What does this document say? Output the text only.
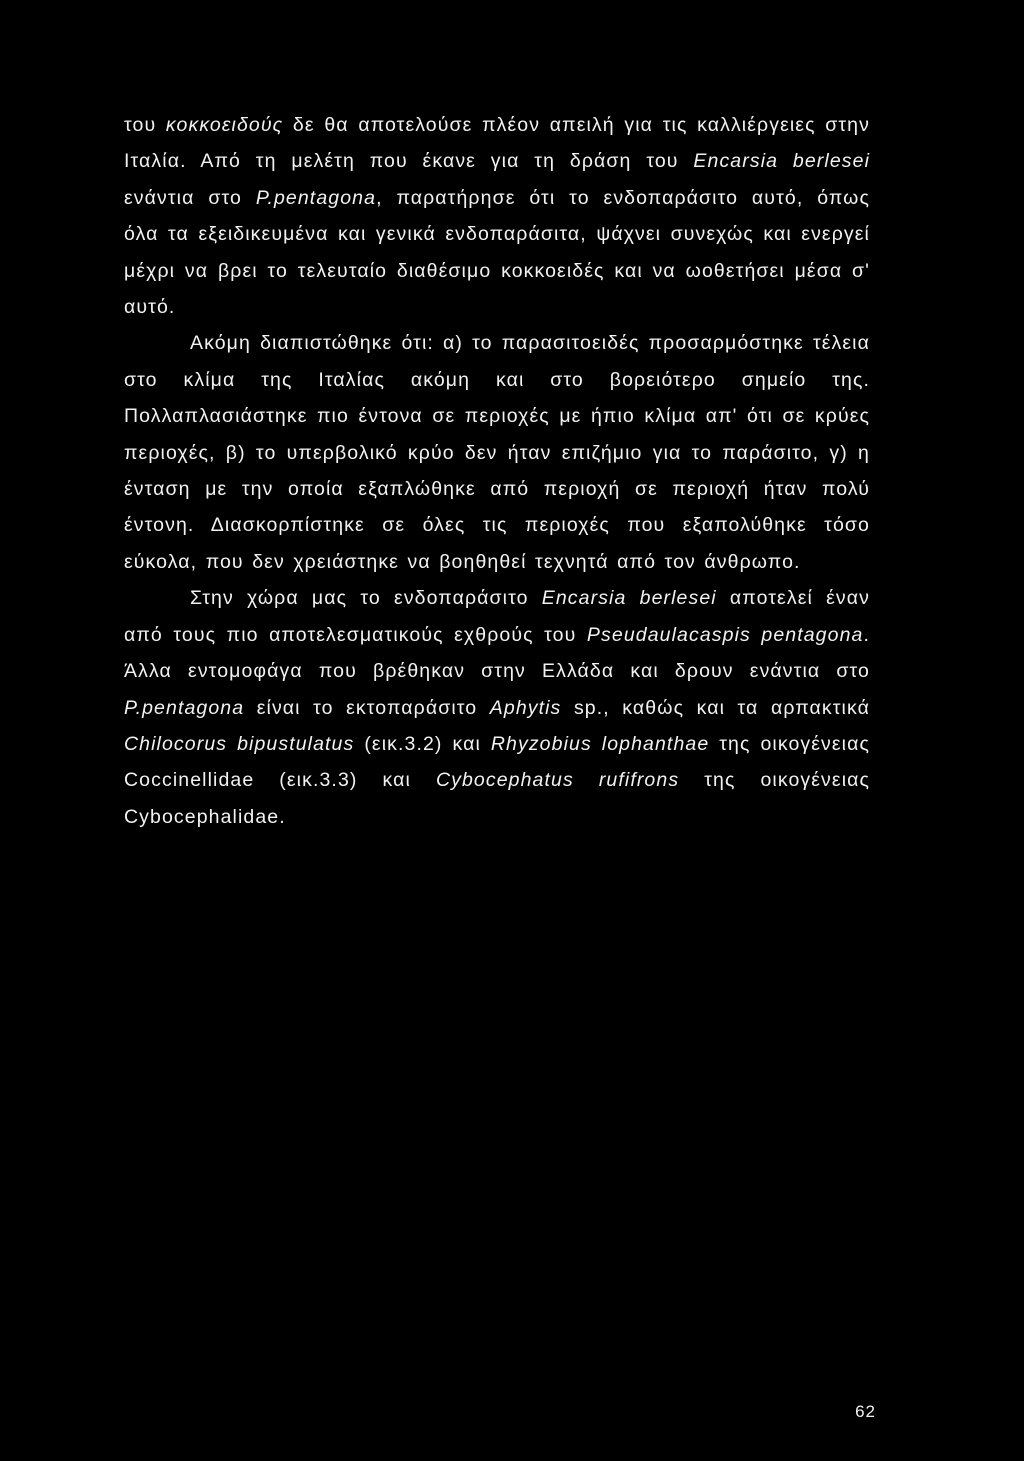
του κοκκοειδούς δε θα αποτελούσε πλέον απειλή για τις καλλιέργειες στην Ιταλία. Από τη μελέτη που έκανε για τη δράση του Encarsia berlesei ενάντια στο P.pentagona, παρατήρησε ότι το ενδοπαράσιτο αυτό, όπως όλα τα εξειδικευμένα και γενικά ενδοπαράσιτα, ψάχνει συνεχώς και ενεργεί μέχρι να βρει το τελευταίο διαθέσιμο κοκκοειδές και να ωοθετήσει μέσα σ' αυτό.

Ακόμη διαπιστώθηκε ότι: α) το παρασιτοειδές προσαρμόστηκε τέλεια στο κλίμα της Ιταλίας ακόμη και στο βορειότερο σημείο της. Πολλαπλασιάστηκε πιο έντονα σε περιοχές με ήπιο κλίμα απ' ότι σε κρύες περιοχές, β) το υπερβολικό κρύο δεν ήταν επιζήμιο για το παράσιτο, γ) η ένταση με την οποία εξαπλώθηκε από περιοχή σε περιοχή ήταν πολύ έντονη. Διασκορπίστηκε σε όλες τις περιοχές που εξαπολύθηκε τόσο εύκολα, που δεν χρειάστηκε να βοηθηθεί τεχνητά από τον άνθρωπο.

Στην χώρα μας το ενδοπαράσιτο Encarsia berlesei αποτελεί έναν από τους πιο αποτελεσματικούς εχθρούς του Pseudaulacaspis pentagona. Άλλα εντομοφάγα που βρέθηκαν στην Ελλάδα και δρουν ενάντια στο P.pentagona είναι το εκτοπαράσιτο Aphytis sp., καθώς και τα αρπακτικά Chilocorus bipustulatus (εικ.3.2) και Rhyzobius lophanthae της οικογένειας Coccinellidae (εικ.3.3) και Cybocephatus rufifrons της οικογένειας Cybocephalidae.

62
